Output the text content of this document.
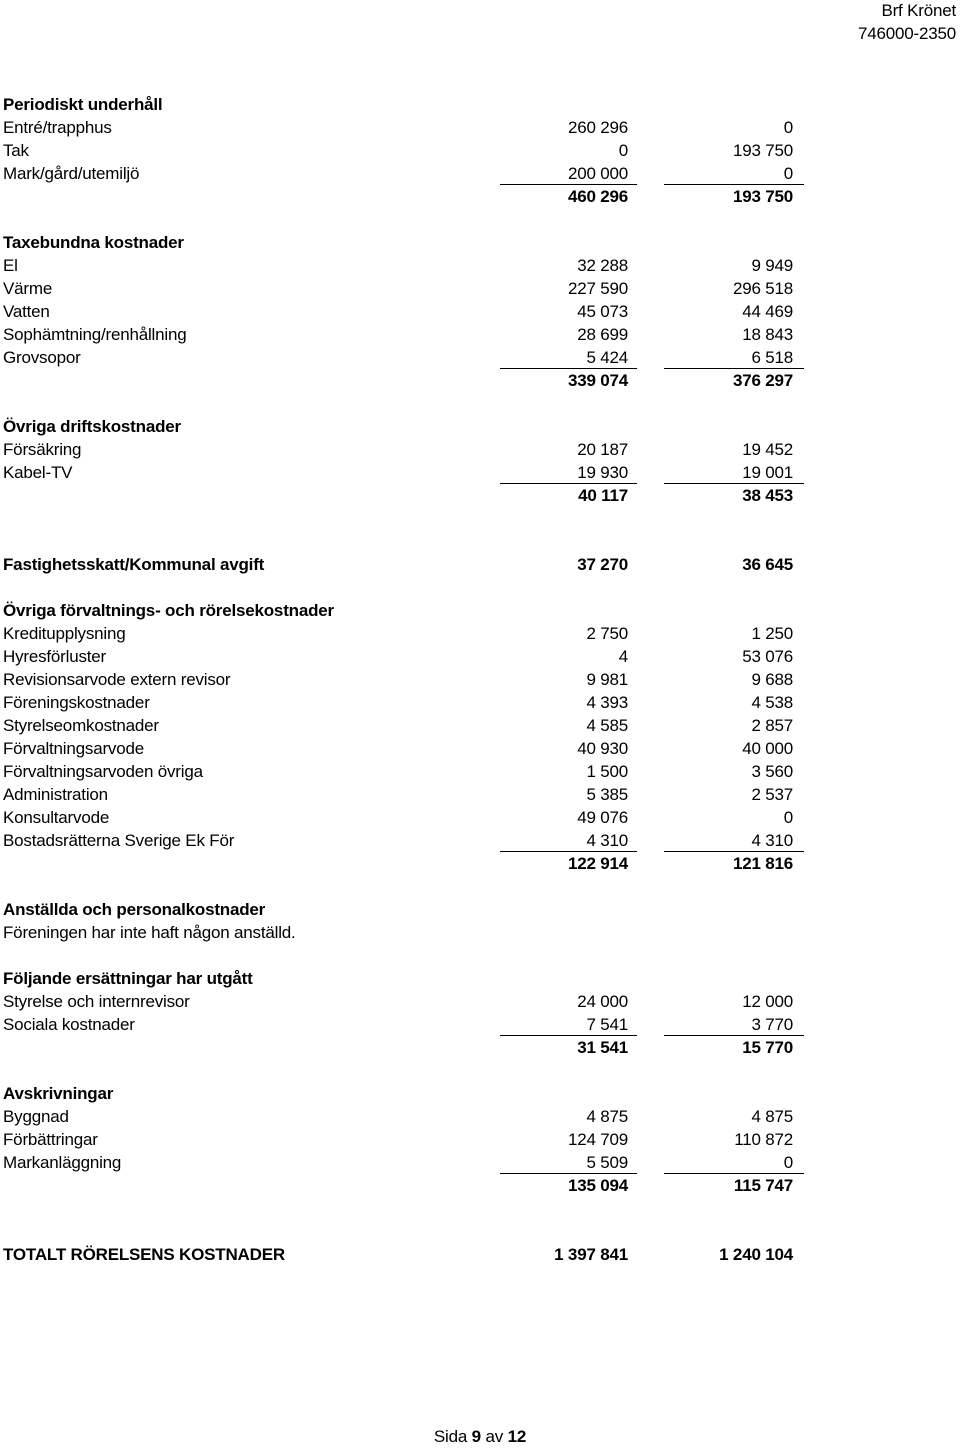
Brf Krönet
746000-2350
Periodiskt underhåll
Entré/trapphus	260 296	0
Tak	0	193 750
Mark/gård/utemiljö	200 000	0
460 296	193 750
Taxebundna kostnader
El	32 288	9 949
Värme	227 590	296 518
Vatten	45 073	44 469
Sophämtning/renhållning	28 699	18 843
Grovsopor	5 424	6 518
339 074	376 297
Övriga driftskostnader
Försäkring	20 187	19 452
Kabel-TV	19 930	19 001
40 117	38 453
Fastighetsskatt/Kommunal avgift	37 270	36 645
Övriga förvaltnings- och rörelsekostnader
Kreditupplysning	2 750	1 250
Hyresförluster	4	53 076
Revisionsarvode extern revisor	9 981	9 688
Föreningskostnader	4 393	4 538
Styrelseomkostnader	4 585	2 857
Förvaltningsarvode	40 930	40 000
Förvaltningsarvoden övriga	1 500	3 560
Administration	5 385	2 537
Konsultarvode	49 076	0
Bostadsrätterna Sverige Ek För	4 310	4 310
122 914	121 816
Anställda och personalkostnader
Föreningen har inte haft någon anställd.
Följande ersättningar har utgått
Styrelse och internrevisor	24 000	12 000
Sociala kostnader	7 541	3 770
31 541	15 770
Avskrivningar
Byggnad	4 875	4 875
Förbättringar	124 709	110 872
Markanläggning	5 509	0
135 094	115 747
TOTALT RÖRELSENS KOSTNADER	1 397 841	1 240 104
Sida 9 av 12
